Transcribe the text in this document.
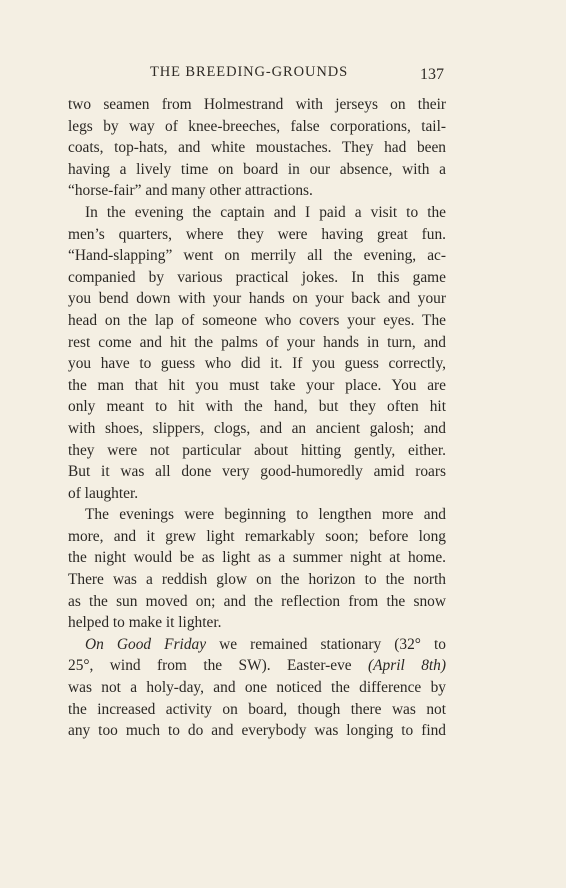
THE BREEDING-GROUNDS	137
two seamen from Holmestrand with jerseys on their
legs by way of knee-breeches, false corporations, tail-
coats, top-hats, and white moustaches. They had been
having a lively time on board in our absence, with a
“horse-fair” and many other attractions.
In the evening the captain and I paid a visit to the
men’s quarters, where they were having great fun.
“Hand-slapping” went on merrily all the evening, ac-
companied by various practical jokes. In this game
you bend down with your hands on your back and your
head on the lap of someone who covers your eyes. The
rest come and hit the palms of your hands in turn, and
you have to guess who did it. If you guess correctly,
the man that hit you must take your place. You are
only meant to hit with the hand, but they often hit
with shoes, slippers, clogs, and an ancient galosh; and
they were not particular about hitting gently, either.
But it was all done very good-humoredly amid roars
of laughter.
The evenings were beginning to lengthen more and
more, and it grew light remarkably soon; before long
the night would be as light as a summer night at home.
There was a reddish glow on the horizon to the north
as the sun moved on; and the reflection from the snow
helped to make it lighter.
On Good Friday we remained stationary (32° to
25°, wind from the SW). Easter-eve (April 8th)
was not a holy-day, and one noticed the difference by
the increased activity on board, though there was not
any too much to do and everybody was longing to find
